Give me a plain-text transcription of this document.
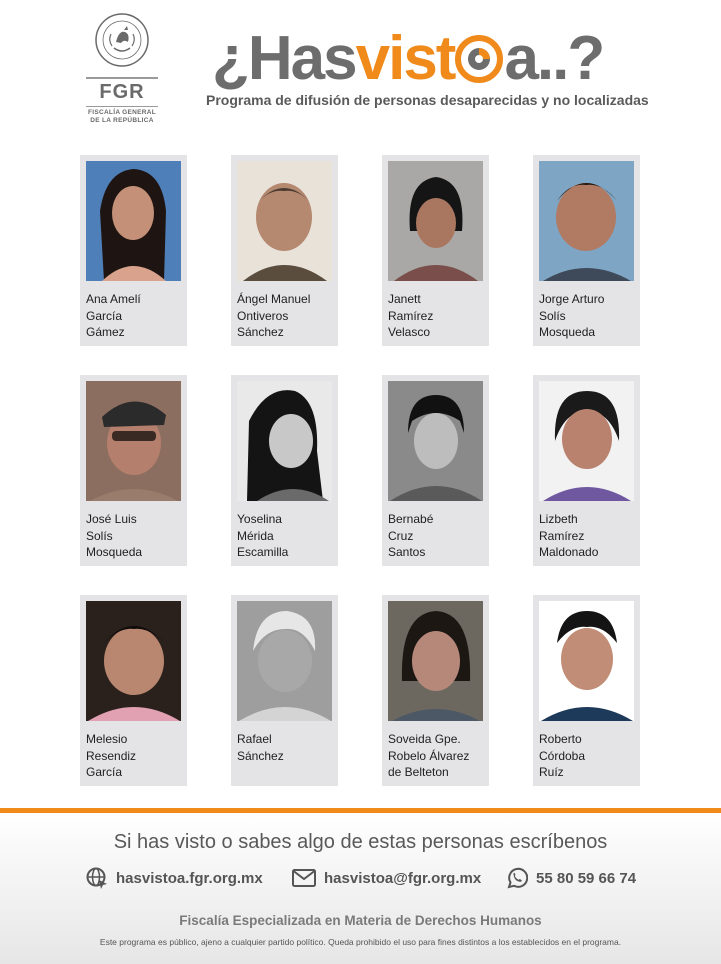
FGR
FISCALÍA GENERAL
DE LA REPÚBLICA
¿Hasvist a..?
Programa de difusión de personas desaparecidas y no localizadas
Ana Amelí
García
Gámez
Ángel Manuel
Ontiveros
Sánchez
Janett
Ramírez
Velasco
Jorge Arturo
Solís
Mosqueda
José Luis
Solís
Mosqueda
Yoselina
Mérida
Escamilla
Bernabé
Cruz
Santos
Lizbeth
Ramírez
Maldonado
Melesio
Resendiz
García
Rafael
Sánchez
Soveida Gpe.
Robelo Álvarez
de Belteton
Roberto
Córdoba
Ruíz
Si has visto o sabes algo de estas personas escríbenos
hasvistoa.fgr.org.mx	hasvistoa@fgr.org.mx	55 80 59 66 74
Fiscalía Especializada en Materia de Derechos Humanos
Este programa es público, ajeno a cualquier partido político. Queda prohibido el uso para fines distintos a los establecidos en el programa.
